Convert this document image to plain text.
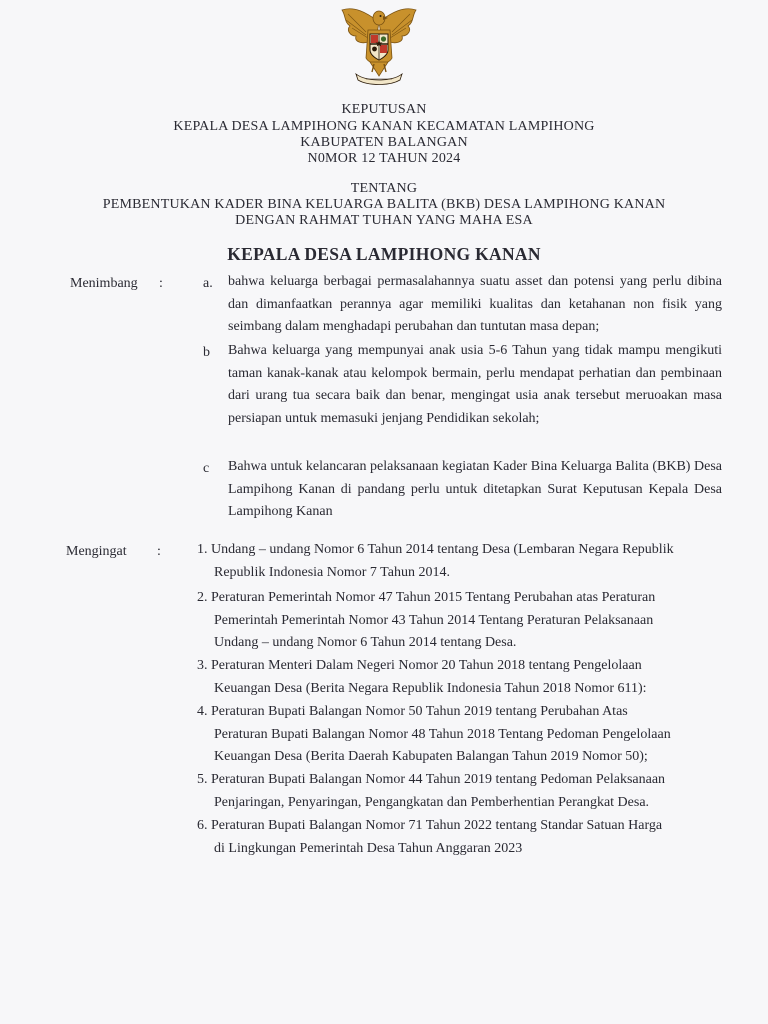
KEPUTUSAN
KEPALA DESA LAMPIHONG KANAN KECAMATAN LAMPIHONG
KABUPATEN BALANGAN
N0MOR 12 TAHUN 2024
TENTANG
PEMBENTUKAN KADER BINA KELUARGA BALITA (BKB) DESA LAMPIHONG KANAN
DENGAN RAHMAT TUHAN YANG MAHA ESA
KEPALA DESA LAMPIHONG KANAN
Menimbang :	a. bahwa keluarga berbagai permasalahannya suatu asset dan potensi yang perlu dibina dan dimanfaatkan perannya agar memiliki kualitas dan ketahanan non fisik yang seimbang dalam menghadapi perubahan dan tuntutan masa depan;
b Bahwa keluarga yang mempunyai anak usia 5-6 Tahun yang tidak mampu mengikuti taman kanak-kanak atau kelompok bermain, perlu mendapat perhatian dan pembinaan dari urang tua secara baik dan benar, mengingat usia anak tersebut meruoakan masa persiapan untuk memasuki jenjang Pendidikan sekolah;
c Bahwa untuk kelancaran pelaksanaan kegiatan Kader Bina Keluarga Balita (BKB) Desa Lampihong Kanan di pandang perlu untuk ditetapkan Surat Keputusan Kepala Desa Lampihong Kanan
Mengingat :	1. Undang – undang Nomor 6 Tahun 2014 tentang Desa (Lembaran Negara Republik
Republik Indonesia Nomor 7 Tahun 2014.
2. Peraturan Pemerintah Nomor 47 Tahun 2015 Tentang Perubahan atas Peraturan
Pemerintah Pemerintah Nomor 43 Tahun 2014 Tentang Peraturan Pelaksanaan
Undang – undang Nomor 6 Tahun 2014 tentang Desa.
3. Peraturan Menteri Dalam Negeri Nomor 20 Tahun 2018 tentang Pengelolaan
Keuangan Desa (Berita Negara Republik Indonesia Tahun 2018 Nomor 611):
4. Peraturan Bupati Balangan Nomor 50 Tahun 2019 tentang Perubahan Atas
Peraturan Bupati Balangan Nomor 48 Tahun 2018 Tentang Pedoman Pengelolaan
Keuangan Desa (Berita Daerah Kabupaten Balangan Tahun 2019 Nomor 50);
5. Peraturan Bupati Balangan Nomor 44 Tahun 2019 tentang Pedoman Pelaksanaan
Penjaringan, Penyaringan, Pengangkatan dan Pemberhentian Perangkat Desa.
6. Peraturan Bupati Balangan Nomor 71 Tahun 2022 tentang Standar Satuan Harga
di Lingkungan Pemerintah Desa Tahun Anggaran 2023
